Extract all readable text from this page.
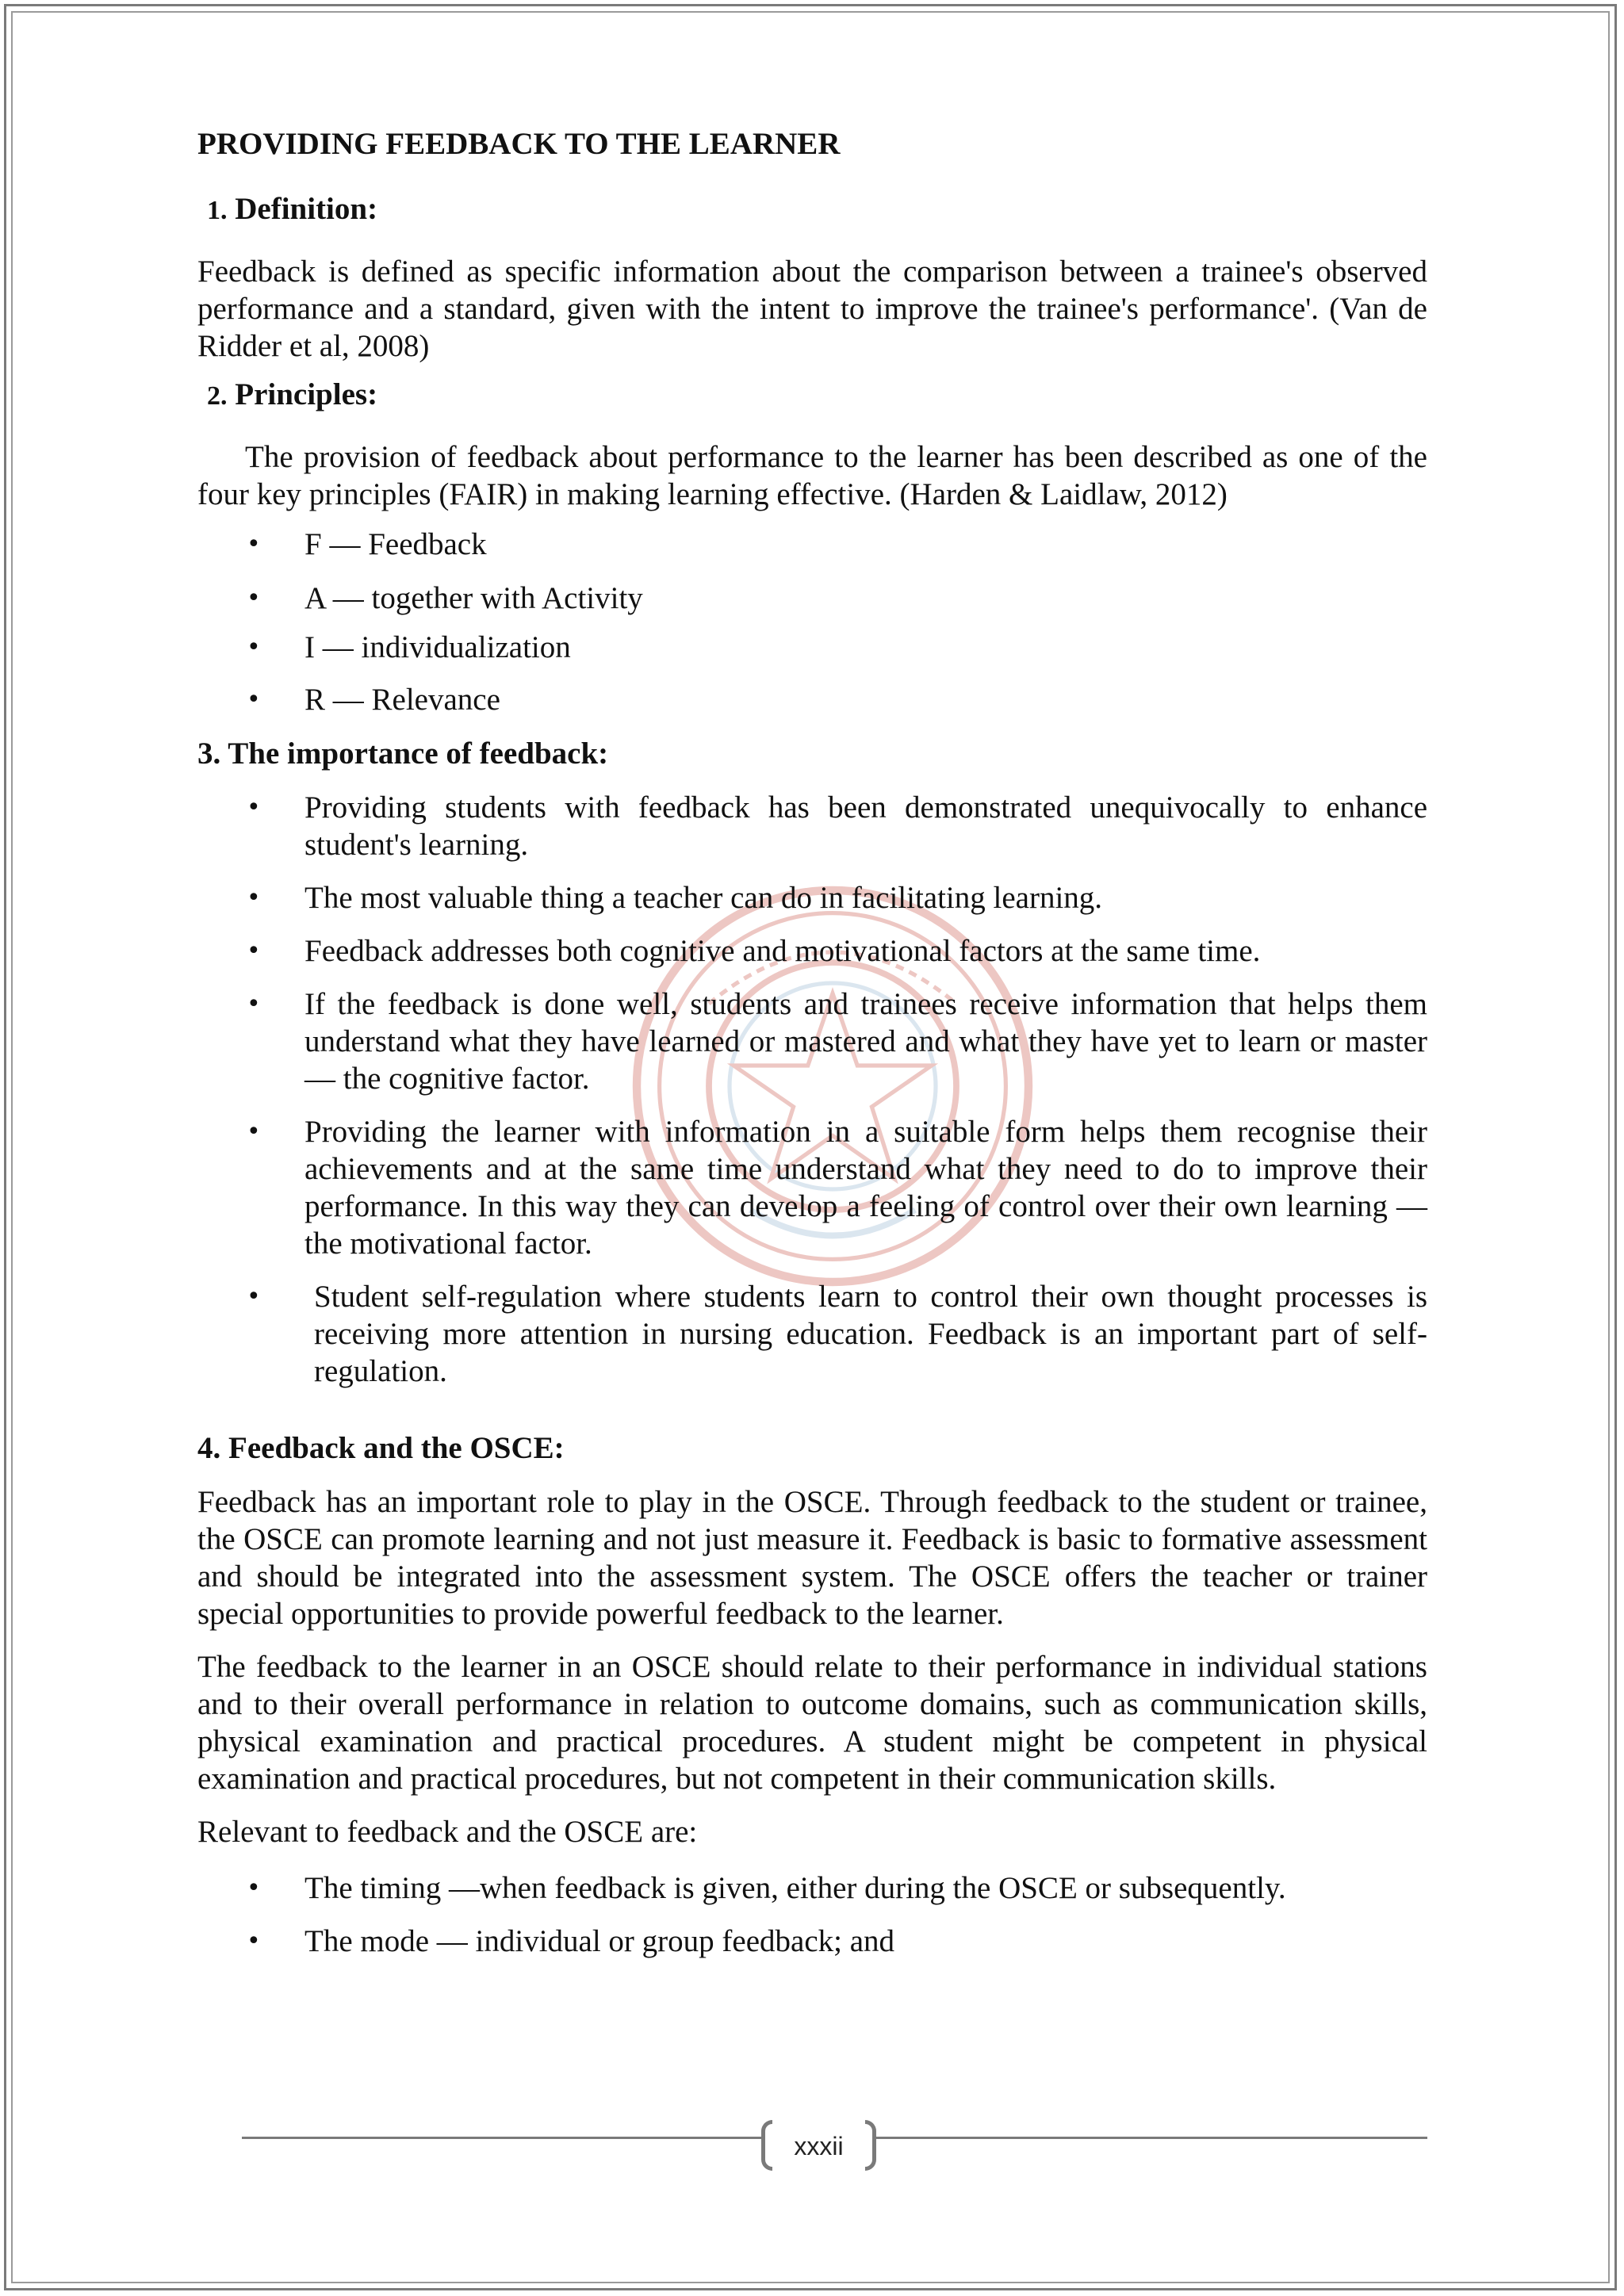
PROVIDING FEEDBACK TO THE LEARNER
1. Definition:

Feedback is defined as specific information about the comparison between a trainee's observed performance and a standard, given with the intent to improve the trainee's performance'. (Van de Ridder et al, 2008)

2. Principles:

The provision of feedback about performance to the learner has been described as one of the four key principles (FAIR) in making learning effective. (Harden & Laidlaw, 2012)

• F — Feedback
• A — together with Activity
• I — individualization
• R — Relevance
3. The importance of feedback:
• Providing students with feedback has been demonstrated unequivocally to enhance student's learning.
• The most valuable thing a teacher can do in facilitating learning.
• Feedback addresses both cognitive and motivational factors at the same time.
• If the feedback is done well, students and trainees receive information that helps them understand what they have learned or mastered and what they have yet to learn or master — the cognitive factor.
• Providing the learner with information in a suitable form helps them recognise their achievements and at the same time understand what they need to do to improve their performance. In this way they can develop a feeling of control over their own learning —the motivational factor.
• Student self-regulation where students learn to control their own thought processes is receiving more attention in nursing education. Feedback is an important part of self-regulation.
4. Feedback and the OSCE:

Feedback has an important role to play in the OSCE. Through feedback to the student or trainee, the OSCE can promote learning and not just measure it. Feedback is basic to formative assessment and should be integrated into the assessment system. The OSCE offers the teacher or trainer special opportunities to provide powerful feedback to the learner.

The feedback to the learner in an OSCE should relate to their performance in individual stations and to their overall performance in relation to outcome domains, such as communication skills, physical examination and practical procedures. A student might be competent in physical examination and practical procedures, but not competent in their communication skills.

Relevant to feedback and the OSCE are:

• The timing —when feedback is given, either during the OSCE or subsequently.
• The mode — individual or group feedback; and
xxxii
